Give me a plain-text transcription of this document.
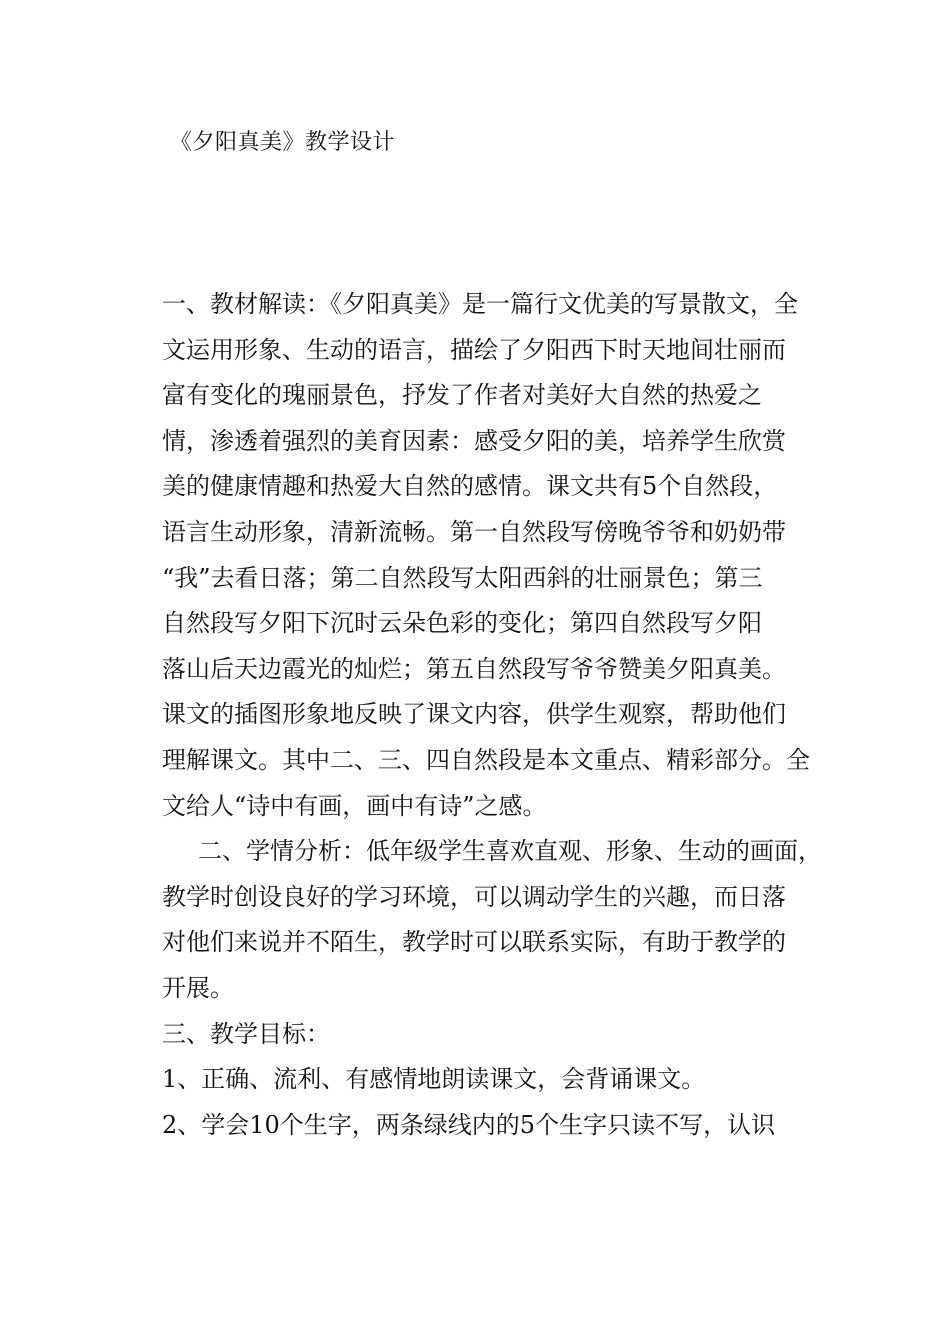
《夕阳真美》教学设计
一、教材解读：《夕阳真美》是一篇行文优美的写景散文，全
文运用形象、生动的语言，描绘了夕阳西下时天地间壮丽而
富有变化的瑰丽景色，抒发了作者对美好大自然的热爱之
情，渗透着强烈的美育因素：感受夕阳的美，培养学生欣赏
美的健康情趣和热爱大自然的感情。课文共有5个自然段，
语言生动形象，清新流畅。第一自然段写傍晚爷爷和奶奶带
“我”去看日落；第二自然段写太阳西斜的壮丽景色；第三
自然段写夕阳下沉时云朵色彩的变化；第四自然段写夕阳
落山后天边霞光的灿烂；第五自然段写爷爷赞美夕阳真美。
课文的插图形象地反映了课文内容，供学生观察，帮助他们
理解课文。其中二、三、四自然段是本文重点、精彩部分。全
文给人“诗中有画，画中有诗”之感。
二、学情分析：低年级学生喜欢直观、形象、生动的画面，
教学时创设良好的学习环境，可以调动学生的兴趣，而日落
对他们来说并不陌生，教学时可以联系实际，有助于教学的
开展。
三、教学目标：
1、正确、流利、有感情地朗读课文，会背诵课文。
2、学会10个生字，两条绿线内的5个生字只读不写，认识
